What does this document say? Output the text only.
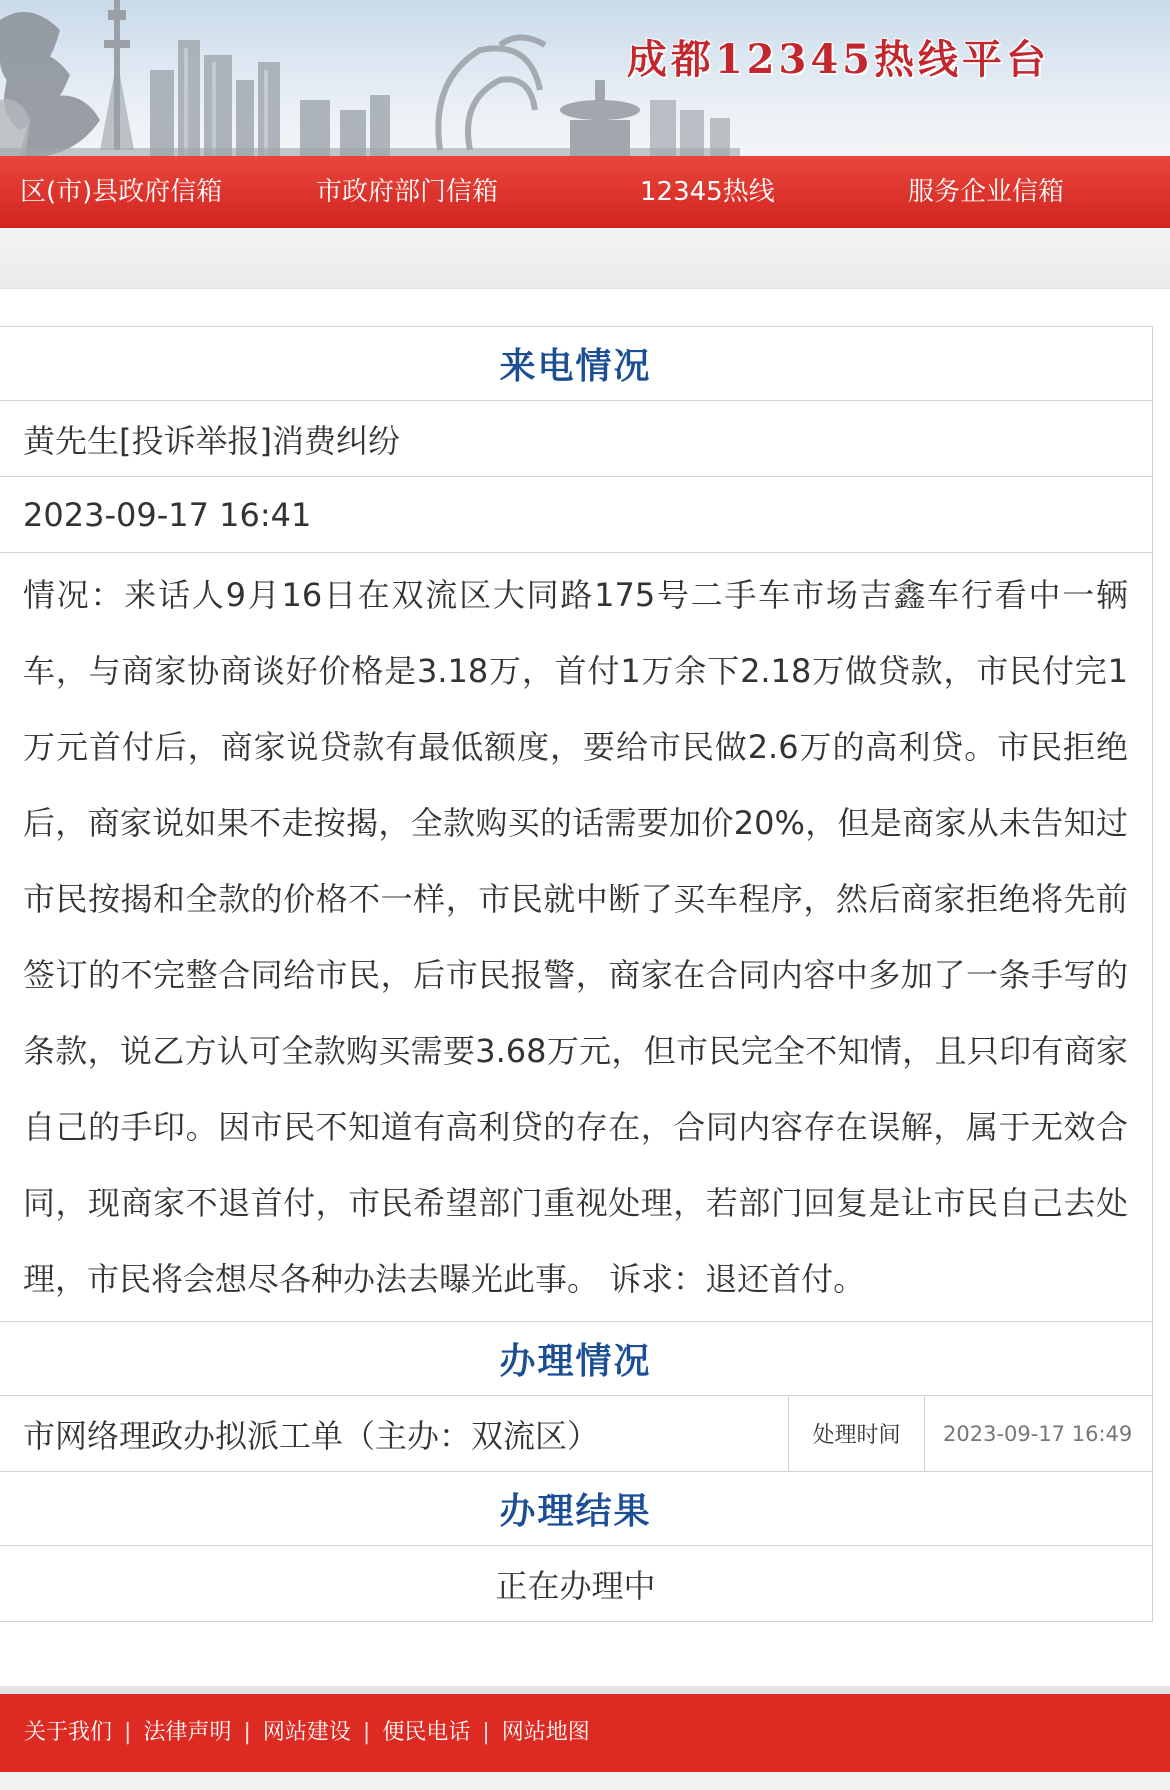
成都12345热线平台
区(市)县政府信箱	市政府部门信箱	12345热线	服务企业信箱
来电情况
黄先生[投诉举报]消费纠纷
2023-09-17 16:41
情况：来话人9月16日在双流区大同路175号二手车市场吉鑫车行看中一辆车，与商家协商谈好价格是3.18万，首付1万余下2.18万做贷款，市民付完1万元首付后，商家说贷款有最低额度，要给市民做2.6万的高利贷。市民拒绝后，商家说如果不走按揭，全款购买的话需要加价20%，但是商家从未告知过市民按揭和全款的价格不一样，市民就中断了买车程序，然后商家拒绝将先前签订的不完整合同给市民，后市民报警，商家在合同内容中多加了一条手写的条款，说乙方认可全款购买需要3.68万元，但市民完全不知情，且只印有商家自己的手印。因市民不知道有高利贷的存在，合同内容存在误解，属于无效合同，现商家不退首付，市民希望部门重视处理，若部门回复是让市民自己去处理，市民将会想尽各种办法去曝光此事。 诉求：退还首付。
办理情况
市网络理政办拟派工单（主办：双流区）	处理时间	2023-09-17 16:49
办理结果
正在办理中
关于我们 | 法律声明 | 网站建设 | 便民电话 | 网站地图
